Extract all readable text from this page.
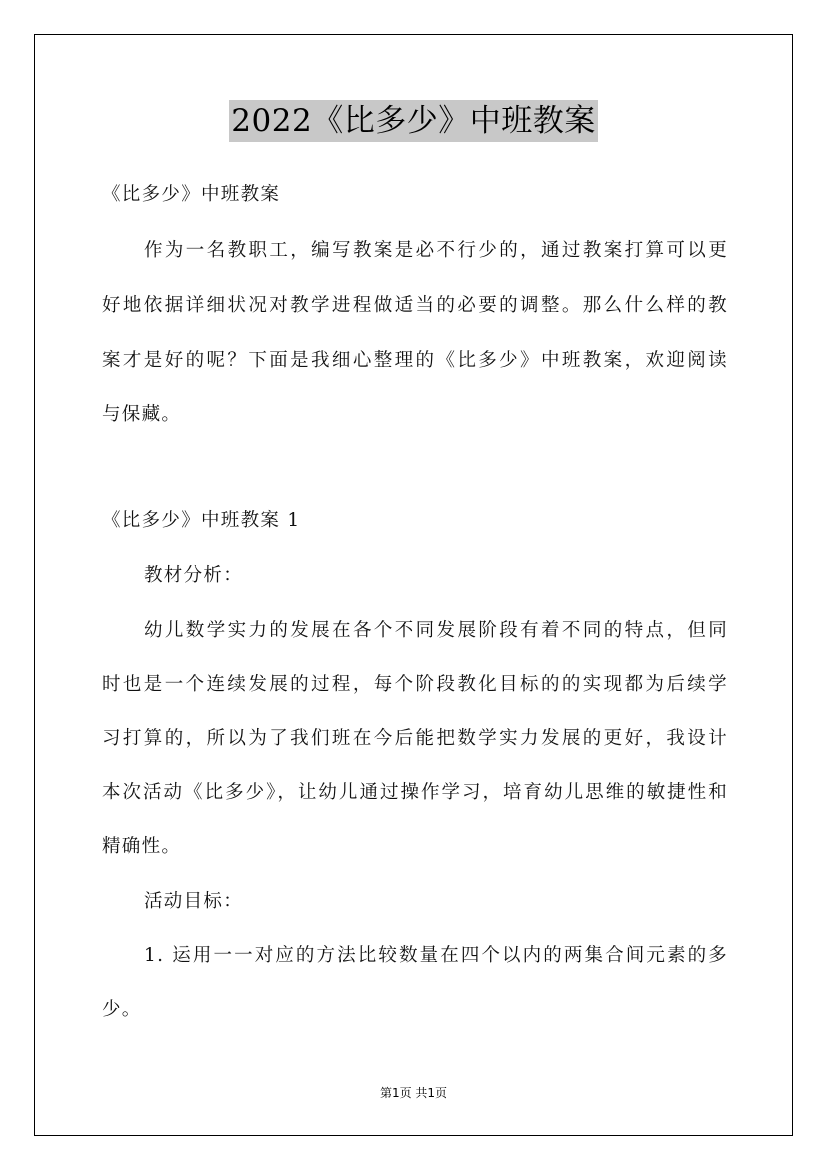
2022《比多少》中班教案
《比多少》中班教案
作为一名教职工，编写教案是必不行少的，通过教案打算可以更
好地依据详细状况对教学进程做适当的必要的调整。那么什么样的教
案才是好的呢？下面是我细心整理的《比多少》中班教案，欢迎阅读
与保藏。
《比多少》中班教案 1
教材分析：
幼儿数学实力的发展在各个不同发展阶段有着不同的特点，但同
时也是一个连续发展的过程，每个阶段教化目标的的实现都为后续学
习打算的，所以为了我们班在今后能把数学实力发展的更好，我设计
本次活动《比多少》，让幼儿通过操作学习，培育幼儿思维的敏捷性和
精确性。
活动目标：
1. 运用一一对应的方法比较数量在四个以内的两集合间元素的多
少。
第1页 共1页
